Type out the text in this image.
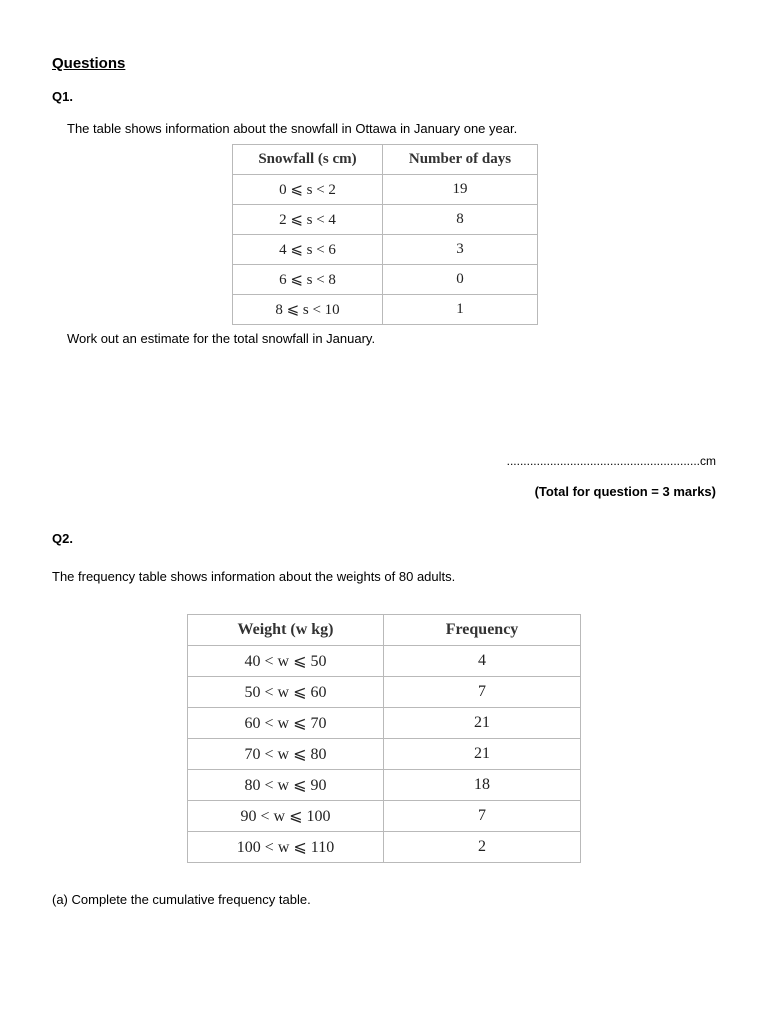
Questions
Q1.
The table shows information about the snowfall in Ottawa in January one year.
Snowfall (s cm)	Number of days
0 ⩽ s < 2	19
2 ⩽ s < 4	8
4 ⩽ s < 6	3
6 ⩽ s < 8	0
8 ⩽ s < 10	1
Work out an estimate for the total snowfall in January.
..........................................................cm
(Total for question = 3 marks)
Q2.
The frequency table shows information about the weights of 80 adults.
Weight (w kg)	Frequency
40 < w ⩽ 50	4
50 < w ⩽ 60	7
60 < w ⩽ 70	21
70 < w ⩽ 80	21
80 < w ⩽ 90	18
90 < w ⩽ 100	7
100 < w ⩽ 110	2
(a) Complete the cumulative frequency table.
